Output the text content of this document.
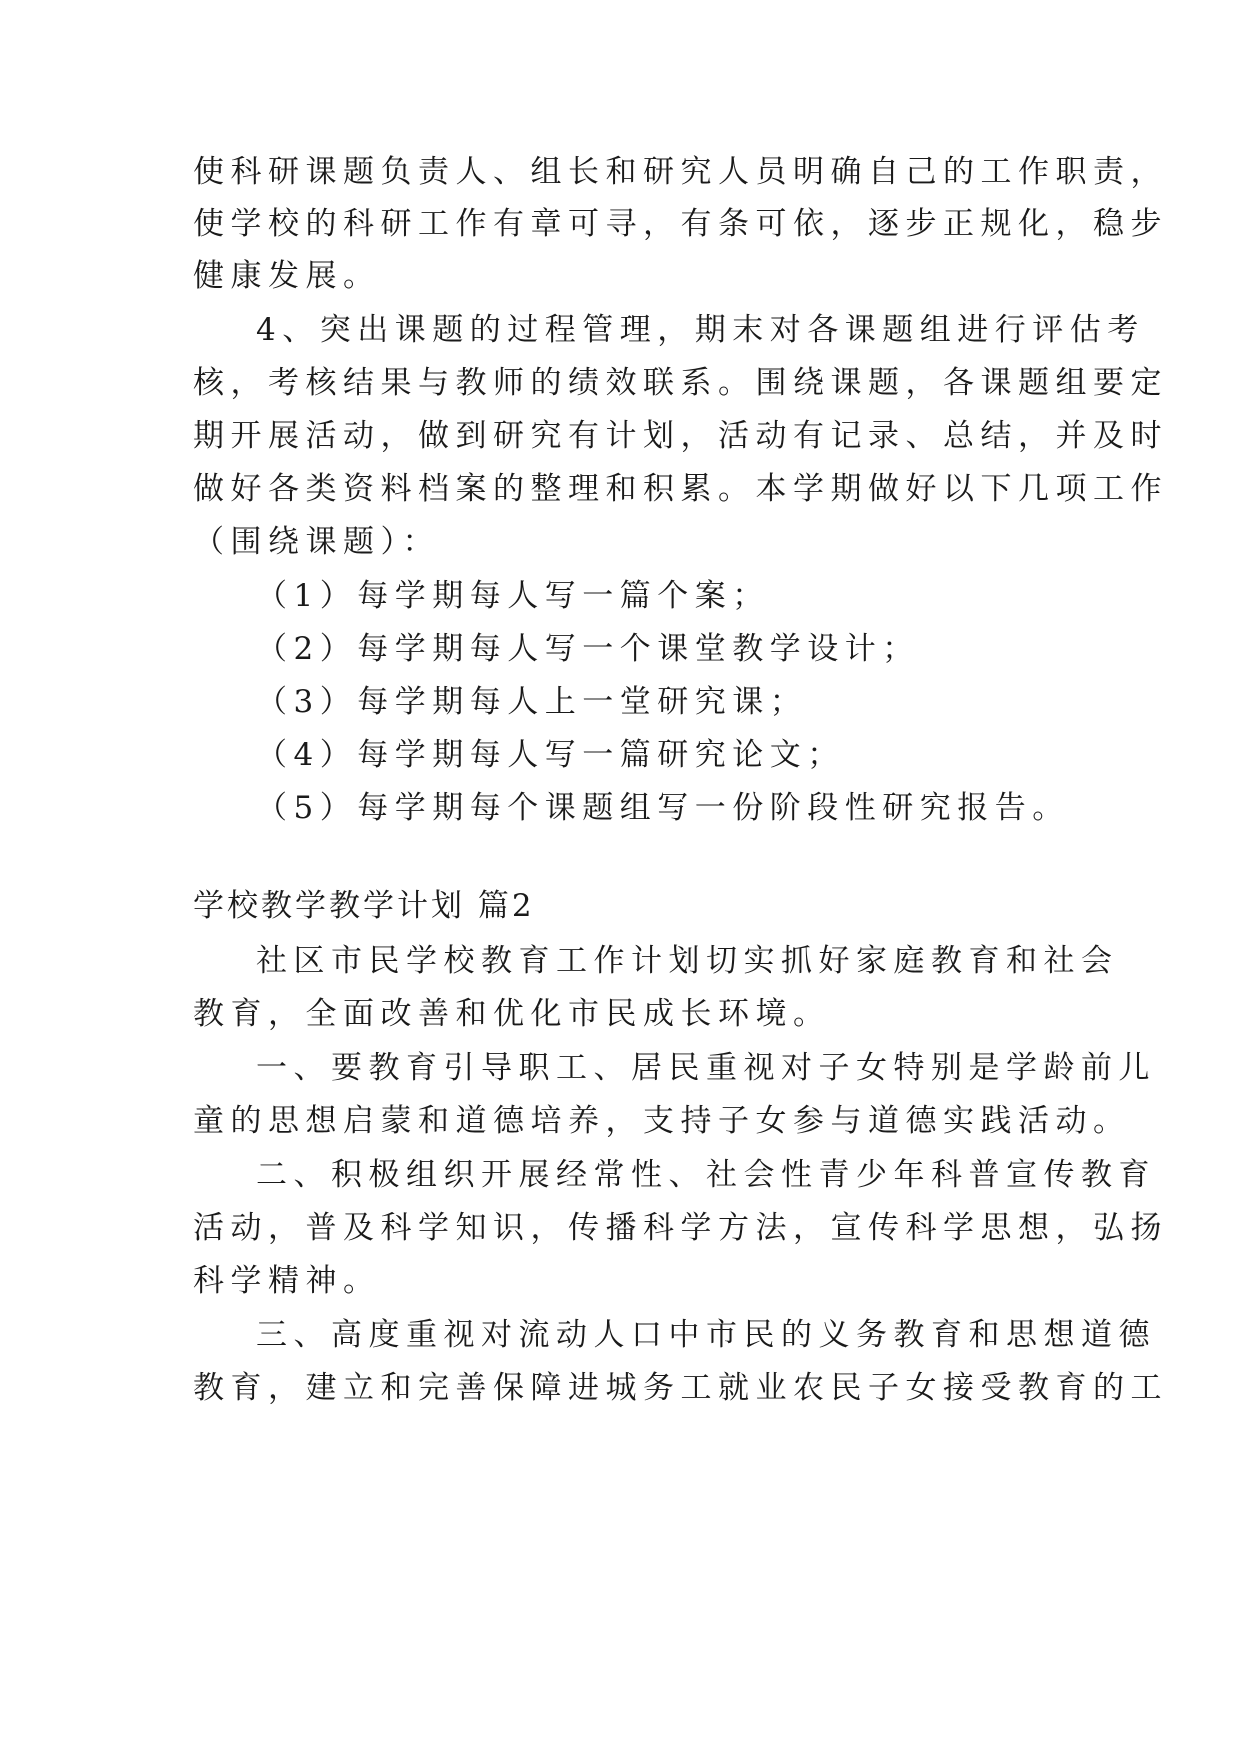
使科研课题负责人、组长和研究人员明确自己的工作职责，
使学校的科研工作有章可寻，有条可依，逐步正规化，稳步
健康发展。
4、突出课题的过程管理，期末对各课题组进行评估考
核，考核结果与教师的绩效联系。围绕课题，各课题组要定
期开展活动，做到研究有计划，活动有记录、总结，并及时
做好各类资料档案的整理和积累。本学期做好以下几项工作
（围绕课题）：
（1）每学期每人写一篇个案；
（2）每学期每人写一个课堂教学设计；
（3）每学期每人上一堂研究课；
（4）每学期每人写一篇研究论文；
（5）每学期每个课题组写一份阶段性研究报告。
学校教学教学计划 篇2
社区市民学校教育工作计划切实抓好家庭教育和社会
教育，全面改善和优化市民成长环境。
一、要教育引导职工、居民重视对子女特别是学龄前儿
童的思想启蒙和道德培养，支持子女参与道德实践活动。
二、积极组织开展经常性、社会性青少年科普宣传教育
活动，普及科学知识，传播科学方法，宣传科学思想，弘扬
科学精神。
三、高度重视对流动人口中市民的义务教育和思想道德
教育，建立和完善保障进城务工就业农民子女接受教育的工
